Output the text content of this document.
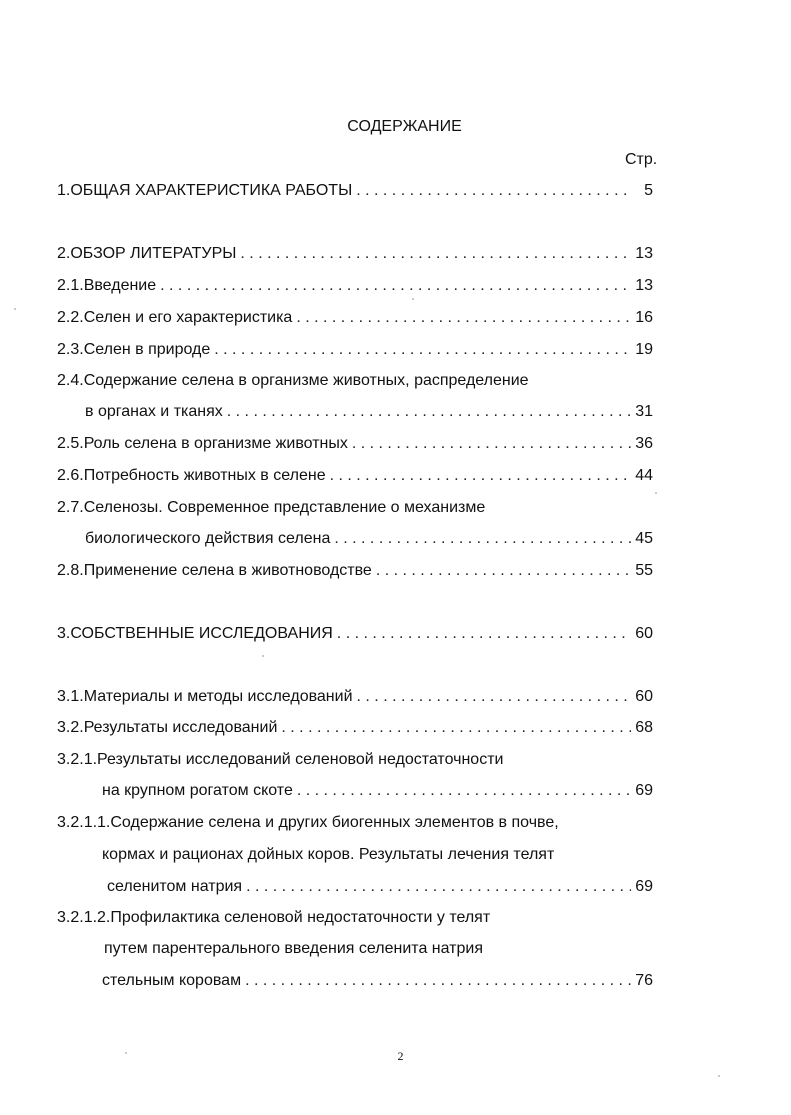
СОДЕРЖАНИЕ
Стр.
1.ОБЩАЯ ХАРАКТЕРИСТИКА РАБОТЫ . . .	5
2.ОБЗОР ЛИТЕРАТУРЫ . . .	13
2.1.Введение . . .	13
2.2.Селен и его характеристика . . .	16
2.3.Селен в природе . . .	19
2.4.Содержание селена в организме животных, распределение
в органах и тканях . . .	31
2.5.Роль селена в организме животных . . .	36
2.6.Потребность животных в селене . . .	44
2.7.Селенозы. Современное представление о механизме
биологического действия селена . . .	45
2.8.Применение селена в животноводстве . . .	55
3.СОБСТВЕННЫЕ ИССЛЕДОВАНИЯ . . .	60
3.1.Материалы и методы исследований . . .	60
3.2.Результаты исследований . . .	68
3.2.1.Результаты исследований селеновой недостаточности
на крупном рогатом скоте . . .	69
3.2.1.1.Содержание селена и других биогенных элементов в почве,
кормах и рационах дойных коров. Результаты лечения телят
селенитом натрия . . .	69
3.2.1.2.Профилактика селеновой недостаточности у телят
путем парентерального введения селенита натрия
стельным коровам . . .	76
2
